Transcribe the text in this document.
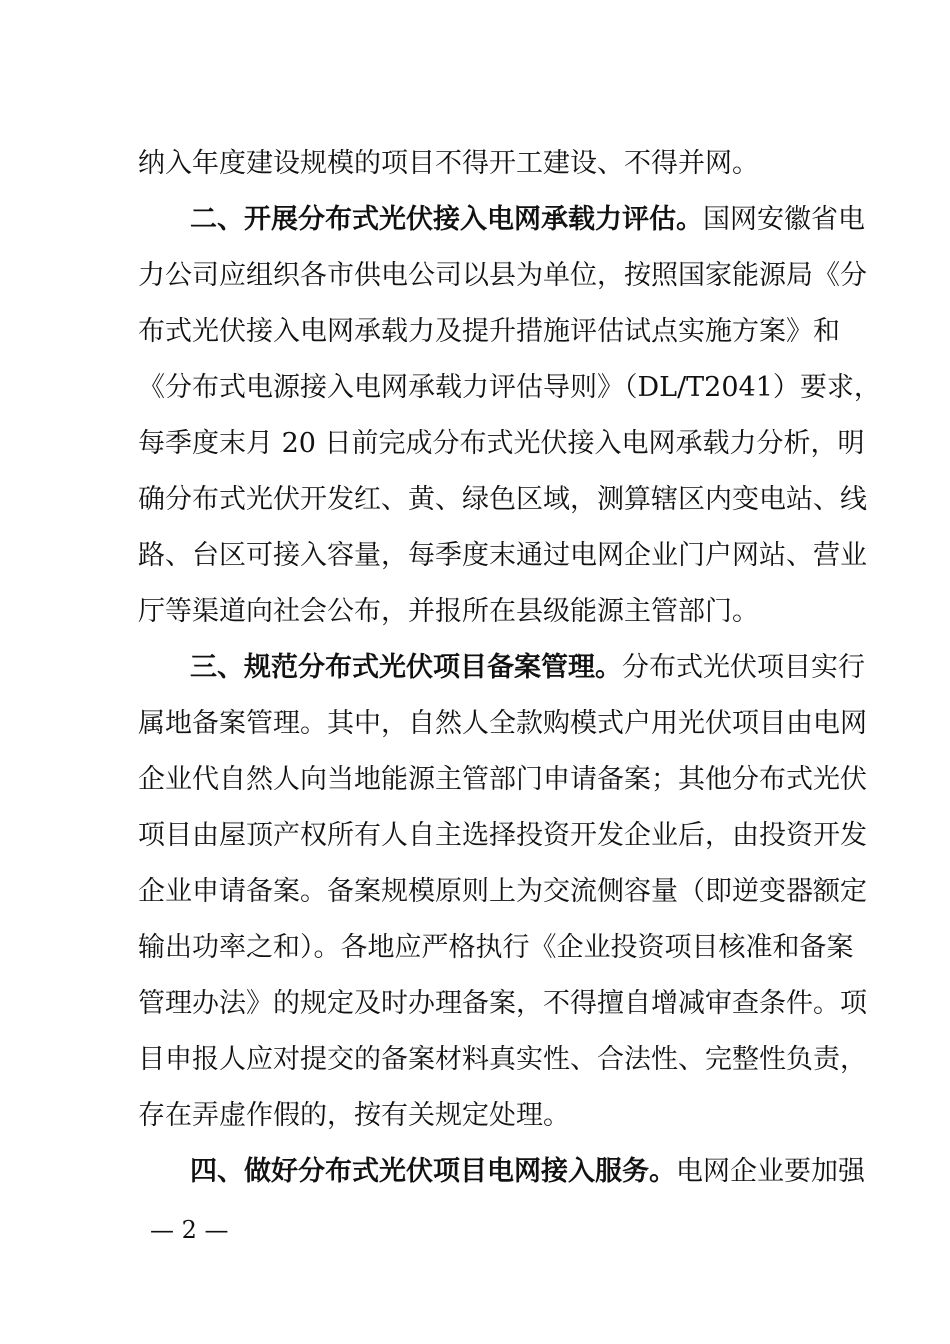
纳入年度建设规模的项目不得开工建设、不得并网。
二、开展分布式光伏接入电网承载力评估。国网安徽省电
力公司应组织各市供电公司以县为单位，按照国家能源局《分
布式光伏接入电网承载力及提升措施评估试点实施方案》和
《分布式电源接入电网承载力评估导则》（DL/T2041）要求，
每季度末月 20 日前完成分布式光伏接入电网承载力分析，明
确分布式光伏开发红、黄、绿色区域，测算辖区内变电站、线
路、台区可接入容量，每季度末通过电网企业门户网站、营业
厅等渠道向社会公布，并报所在县级能源主管部门。
三、规范分布式光伏项目备案管理。分布式光伏项目实行
属地备案管理。其中，自然人全款购模式户用光伏项目由电网
企业代自然人向当地能源主管部门申请备案；其他分布式光伏
项目由屋顶产权所有人自主选择投资开发企业后，由投资开发
企业申请备案。备案规模原则上为交流侧容量（即逆变器额定
输出功率之和）。各地应严格执行《企业投资项目核准和备案
管理办法》的规定及时办理备案，不得擅自增减审查条件。项
目申报人应对提交的备案材料真实性、合法性、完整性负责，
存在弄虚作假的，按有关规定处理。
四、做好分布式光伏项目电网接入服务。电网企业要加强
— 2 —
